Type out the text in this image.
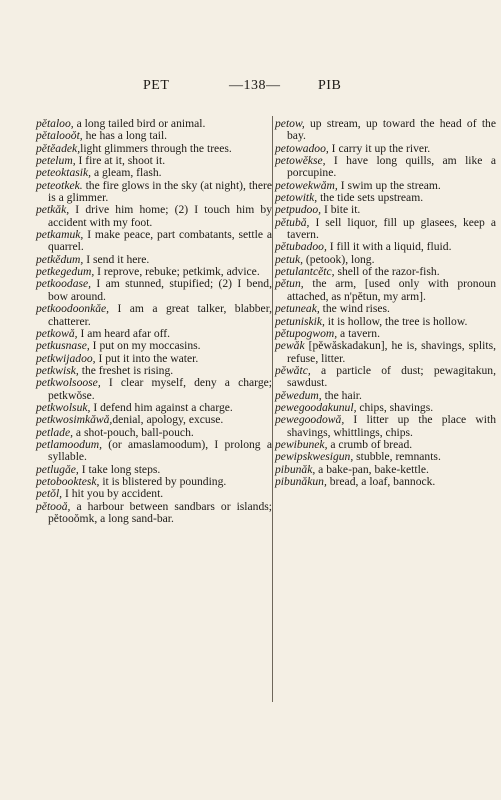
PET	—138—	PIB

pĕtaloo, a long tailed bird or animal.

pĕtalooŏt, he has a long tail.

pĕtĕadek,light glimmers through the trees.

petelum, I fire at it, shoot it.

peteoktasik, a gleam, flash.

peteotkek. the fire glows in the sky (at night), there is a glimmer.

petkăk, I drive him home; (2) I touch him by accident with my foot.

petkamuk, I make peace, part combatants, settle a quarrel.

petkĕdum, I send it here.

petkegedum, I reprove, rebuke; petkimk, advice.

petkoodase, I am stunned, stupified; (2) I bend, bow around.

petkoodoonkăe, I am a great talker, blabber, chatterer.

petkowă, I am heard afar off.

petkusnase, I put on my moccasins.

petkwijadoo, I put it into the water.

petkwisk, the freshet is rising.

petkwolsoose, I clear myself, deny a charge; petkwŏse.

petkwolsuk, I defend him against a charge.

petkwosimkăwă,denial, apology, excuse.

petlade, a shot-pouch, ball-pouch.

petlamoodum, (or amaslamoodum), I prolong a syllable.

petlugăe, I take long steps.

petobooktesk, it is blistered by pounding.

petŏl, I hit you by accident.

pĕtooă, a harbour between sandbars or islands; pĕtooŏmk, a long sand-bar.

petow, up stream, up toward the head of the bay.

petowadoo, I carry it up the river.

petowĕkse, I have long quills, am like a porcupine.

petowekwăm, I swim up the stream.

petowitk, the tide sets upstream.

petpudoo, I bite it.

pĕtubă, I sell liquor, fill up glasees, keep a tavern.

pĕtubadoo, I fill it with a liquid, fluid.

petuk, (petook), long.

petulantcĕtc, shell of the razor-fish.

pĕtun, the arm, [used only with pronoun attached, as n'pĕtun, my arm].

petuneak, the wind rises.

petuniskik, it is hollow, the tree is hollow.

pĕtupogwom, a tavern.

pewăk [pĕwăskadakun], he is, shavings, splits, refuse, litter.

pĕwătc, a particle of dust; pewagitakun, sawdust.

pĕwedum, the hair.

pewegoodakunul, chips, shavings.

pewegoodowă, I litter up the place with shavings, whittlings, chips.

pewibunek, a crumb of bread.

pewipskwesigun, stubble, remnants.

pibunăk, a bake-pan, bake-kettle.

pibunăkun, bread, a loaf, bannock.
